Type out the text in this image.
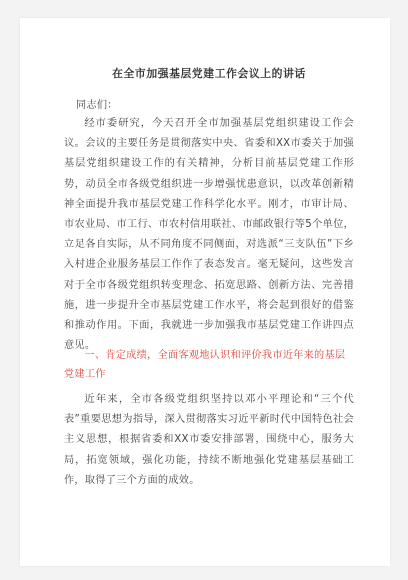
在全市加强基层党建工作会议上的讲话
同志们：
经市委研究，今天召开全市加强基层党组织建设工作会议。会议的主要任务是贯彻落实中央、省委和XX市委关于加强基层党组织建设工作的有关精神，分析目前基层党建工作形势，动员全市各级党组织进一步增强忧患意识，以改革创新精神全面提升我市基层党建工作科学化水平。刚才，市审计局、市农业局、市工行、市农村信用联社、市邮政银行等5个单位，立足各自实际，从不同角度不同侧面，对选派“三支队伍”下乡入村进企业服务基层工作作了表态发言。毫无疑问，这些发言对于全市各级党组织转变理念、拓宽思路、创新方法、完善措施，进一步提升全市基层党建工作水平，将会起到很好的借鉴和推动作用。下面，我就进一步加强我市基层党建工作讲四点意见。
一、肯定成绩，全面客观地认识和评价我市近年来的基层党建工作
近年来，全市各级党组织坚持以邓小平理论和“三个代表”重要思想为指导，深入贯彻落实习近平新时代中国特色社会主义思想，根据省委和XX市委安排部署，围绕中心，服务大局，拓宽领域，强化功能，持续不断地强化党建基层基础工作，取得了三个方面的成效。
